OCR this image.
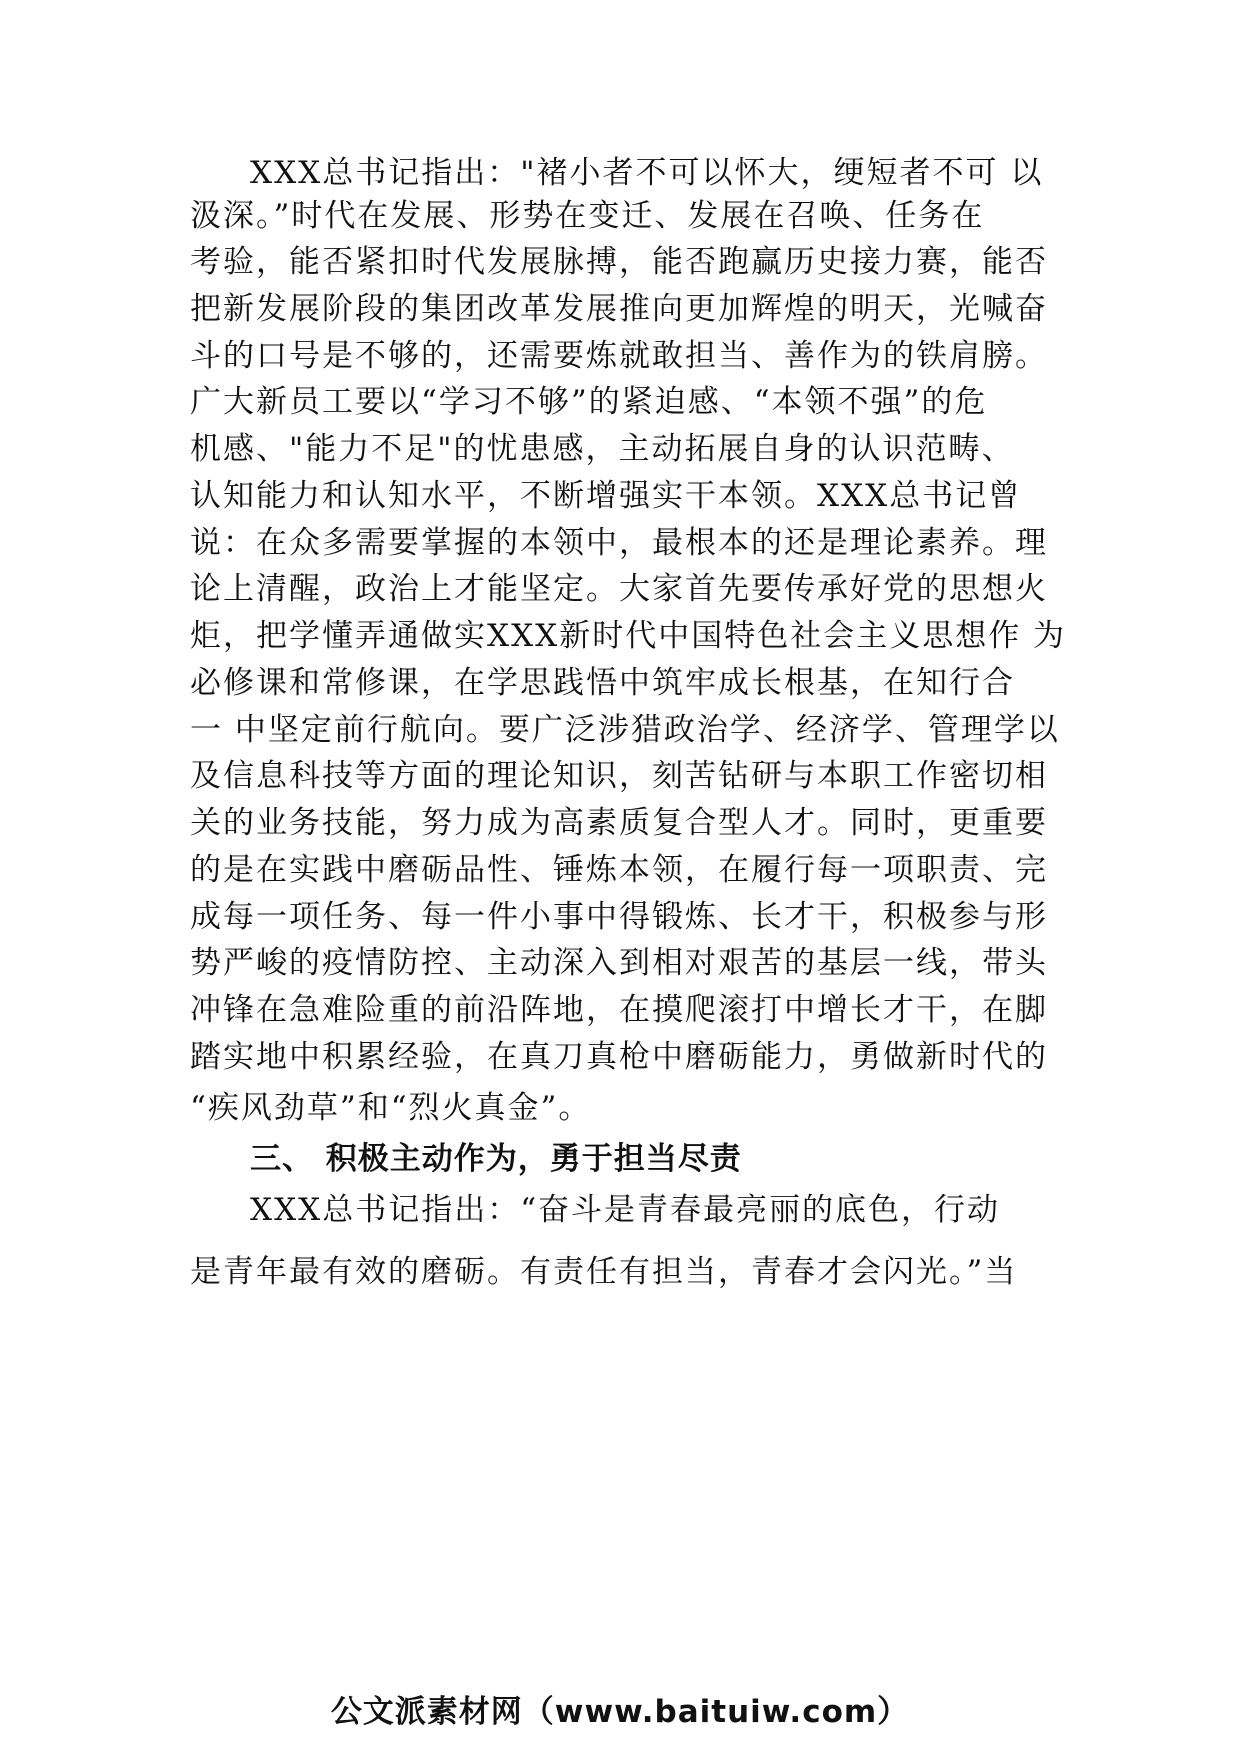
XXX总书记指出："褚小者不可以怀大，绠短者不可 以
汲深。”时代在发展、形势在变迁、发展在召唤、任务在
考验，能否紧扣时代发展脉搏，能否跑赢历史接力赛，能否
把新发展阶段的集团改革发展推向更加辉煌的明天，光喊奋
斗的口号是不够的，还需要炼就敢担当、善作为的铁肩膀。
广大新员工要以“学习不够”的紧迫感、“本领不强”的危
机感、"能力不足"的忧患感，主动拓展自身的认识范畴、
认知能力和认知水平，不断增强实干本领。XXX总书记曾
说：在众多需要掌握的本领中，最根本的还是理论素养。理
论上清醒，政治上才能坚定。大家首先要传承好党的思想火
炬，把学懂弄通做实XXX新时代中国特色社会主义思想作 为
必修课和常修课，在学思践悟中筑牢成长根基，在知行合
一 中坚定前行航向。要广泛涉猎政治学、经济学、管理学以
及信息科技等方面的理论知识，刻苦钻研与本职工作密切相
关的业务技能，努力成为高素质复合型人才。同时，更重要
的是在实践中磨砺品性、锤炼本领，在履行每一项职责、完
成每一项任务、每一件小事中得锻炼、长才干，积极参与形
势严峻的疫情防控、主动深入到相对艰苦的基层一线，带头
冲锋在急难险重的前沿阵地，在摸爬滚打中增长才干，在脚
踏实地中积累经验，在真刀真枪中磨砺能力，勇做新时代的
“疾风劲草”和“烈火真金”。
三、 积极主动作为，勇于担当尽责
XXX总书记指出：“奋斗是青春最亮丽的底色，行动
是青年最有效的磨砺。有责任有担当，青春才会闪光。”当
公文派素材网（www.baituiw.com）
